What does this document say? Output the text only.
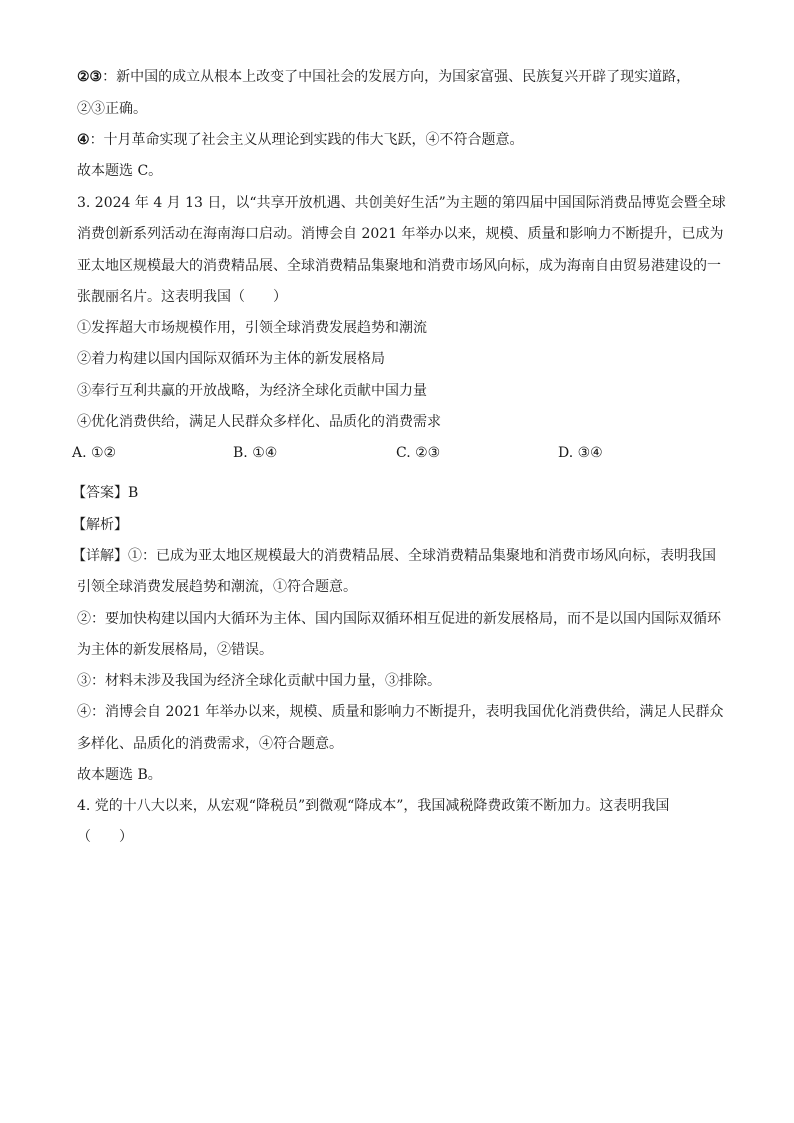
②③：新中国的成立从根本上改变了中国社会的发展方向，为国家富强、民族复兴开辟了现实道路，
②③正确。
④：十月革命实现了社会主义从理论到实践的伟大飞跃，④不符合题意。
故本题选 C。
3. 2024 年 4 月 13 日，以“共享开放机遇、共创美好生活”为主题的第四届中国国际消费品博览会暨全球
消费创新系列活动在海南海口启动。消博会自 2021 年举办以来，规模、质量和影响力不断提升，已成为
亚太地区规模最大的消费精品展、全球消费精品集聚地和消费市场风向标，成为海南自由贸易港建设的一
张靓丽名片。这表明我国（　　）
①发挥超大市场规模作用，引领全球消费发展趋势和潮流
②着力构建以国内国际双循环为主体的新发展格局
③奉行互利共赢的开放战略，为经济全球化贡献中国力量
④优化消费供给，满足人民群众多样化、品质化的消费需求
A. ①②	B. ①④	C. ②③	D. ③④
【答案】B
【解析】
【详解】①：已成为亚太地区规模最大的消费精品展、全球消费精品集聚地和消费市场风向标，表明我国
引领全球消费发展趋势和潮流，①符合题意。
②：要加快构建以国内大循环为主体、国内国际双循环相互促进的新发展格局，而不是以国内国际双循环
为主体的新发展格局，②错误。
③：材料未涉及我国为经济全球化贡献中国力量，③排除。
④：消博会自 2021 年举办以来，规模、质量和影响力不断提升，表明我国优化消费供给，满足人民群众
多样化、品质化的消费需求，④符合题意。
故本题选 B。
4. 党的十八大以来，从宏观“降税员”到微观“降成本”，我国减税降费政策不断加力。这表明我国
（　　）
